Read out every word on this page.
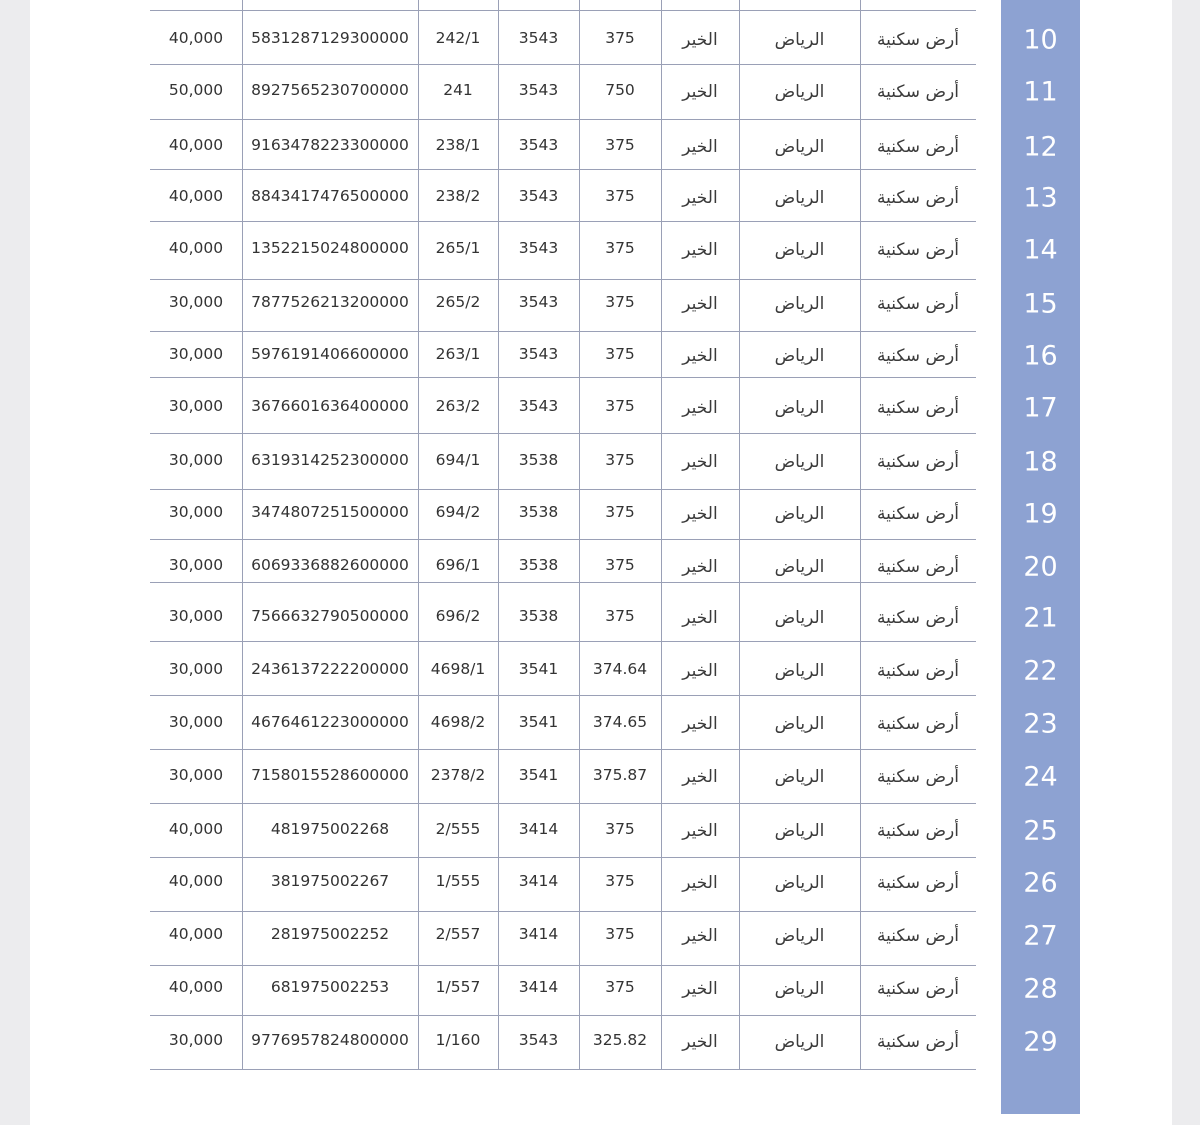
10
40,000	5831287129300000	242/1	3543	375	الخير	الرياض	أرض سكنية
11
50,000	8927565230700000	241	3543	750	الخير	الرياض	أرض سكنية
12
40,000	9163478223300000	238/1	3543	375	الخير	الرياض	أرض سكنية
13
40,000	8843417476500000	238/2	3543	375	الخير	الرياض	أرض سكنية
14
40,000	1352215024800000	265/1	3543	375	الخير	الرياض	أرض سكنية
15
30,000	7877526213200000	265/2	3543	375	الخير	الرياض	أرض سكنية
16
30,000	5976191406600000	263/1	3543	375	الخير	الرياض	أرض سكنية
17
30,000	3676601636400000	263/2	3543	375	الخير	الرياض	أرض سكنية
18
30,000	6319314252300000	694/1	3538	375	الخير	الرياض	أرض سكنية
19
30,000	3474807251500000	694/2	3538	375	الخير	الرياض	أرض سكنية
20
30,000	6069336882600000	696/1	3538	375	الخير	الرياض	أرض سكنية
21
30,000	7566632790500000	696/2	3538	375	الخير	الرياض	أرض سكنية
22
30,000	2436137222200000	4698/1	3541	374.64	الخير	الرياض	أرض سكنية
23
30,000	4676461223000000	4698/2	3541	374.65	الخير	الرياض	أرض سكنية
24
30,000	7158015528600000	2378/2	3541	375.87	الخير	الرياض	أرض سكنية
25
40,000	481975002268	2/555	3414	375	الخير	الرياض	أرض سكنية
26
40,000	381975002267	1/555	3414	375	الخير	الرياض	أرض سكنية
27
40,000	281975002252	2/557	3414	375	الخير	الرياض	أرض سكنية
28
40,000	681975002253	1/557	3414	375	الخير	الرياض	أرض سكنية
29
30,000	9776957824800000	1/160	3543	325.82	الخير	الرياض	أرض سكنية
